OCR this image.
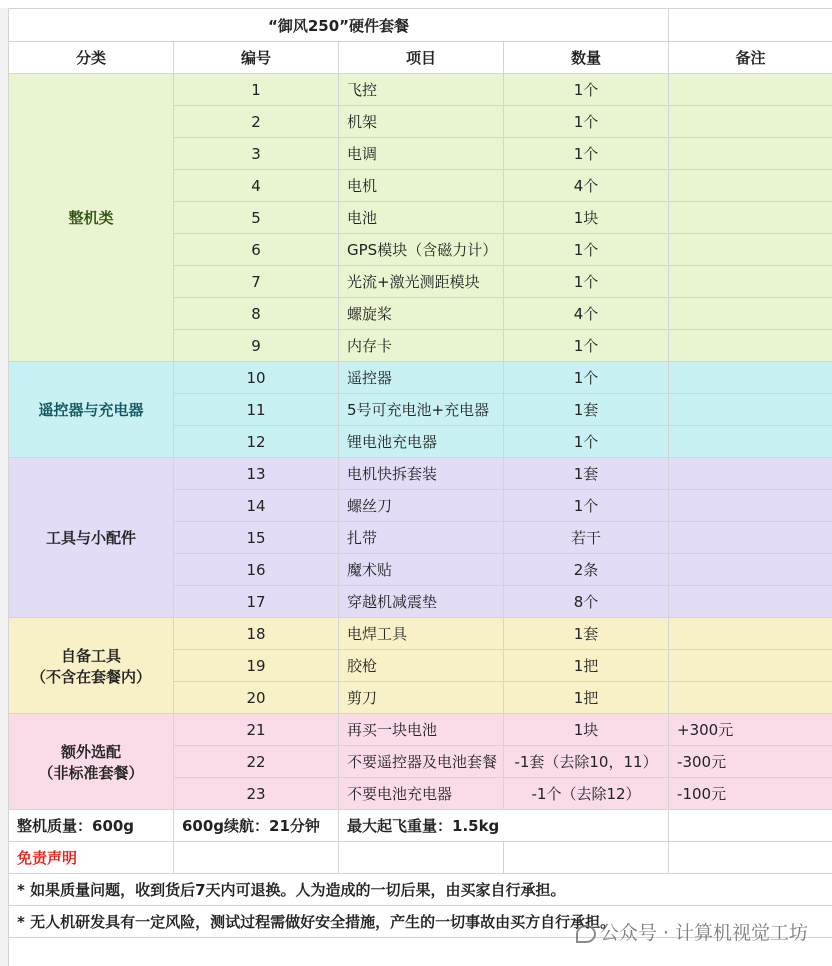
“御风250”硬件套餐				
分类	编号	项目	数量	备注
整机类	1	飞控	1个	
	2	机架	1个	
	3	电调	1个	
	4	电机	4个	
	5	电池	1块	
	6	GPS模块（含磁力计）	1个	
	7	光流+激光测距模块	1个	
	8	螺旋桨	4个	
	9	内存卡	1个	
遥控器与充电器	10	遥控器	1个	
	11	5号可充电池+充电器	1套	
	12	锂电池充电器	1个	
工具与小配件	13	电机快拆套装	1套	
	14	螺丝刀	1个	
	15	扎带	若干	
	16	魔术贴	2条	
	17	穿越机减震垫	8个	

自备工具
（不含在套餐内）	18	电焊工具	1套	
	19	胶枪	1把	
	20	剪刀	1把	

额外选配
（非标准套餐）	21	再买一块电池	1块	+300元
	22	不要遥控器及电池套餐	-1套（去除10，11）	-300元
	23	不要电池充电器	-1个（去除12）	-100元
整机质量：600g	600g续航：21分钟	最大起飞重量：1.5kg		
免责声明				
* 如果质量问题，收到货后7天内可退换。人为造成的一切后果，由买家自行承担。				
* 无人机研发具有一定风险，测试过程需做好安全措施，产生的一切事故由买方自行承担。				
公众号 · 计算机视觉工坊
